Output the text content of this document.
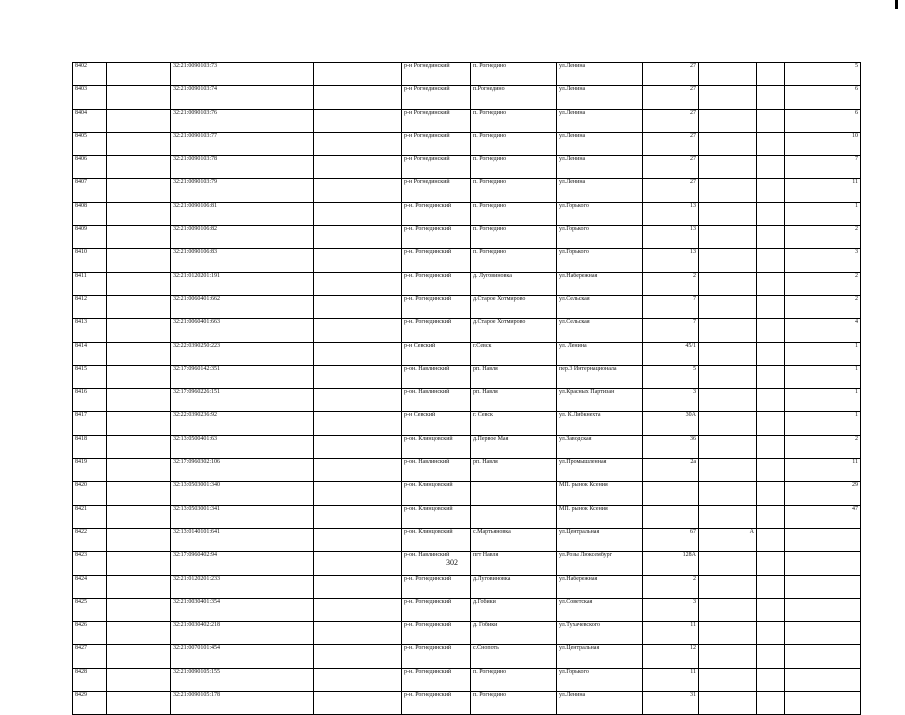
8402		32:21:0090103:73		р-н Рогнединский	п. Рогнедино	ул.Ленина	27			5
8403		32:21:0090103:74		р-н Рогнединский	п.Рогнедино	ул.Ленина	27			6
8404		32:21:0090103:76		р-н Рогнединский	п. Рогнедино	ул.Ленина	27			6
8405		32:21:0090103:77		р-н Рогнединский	п. Рогнедино	ул.Ленина	27			10
8406		32:21:0090103:78		р-н Рогнединский	п. Рогнедино	ул.Ленина	27			7
8407		32:21:0090103:79		р-н Рогнединский	п. Рогнедино	ул.Ленина	27			11
8408		32:21:0090106:81		р-н. Рогнединский	п. Рогнедино	ул.Горького	13			1
8409		32:21:0090106:82		р-н. Рогнединский	п. Рогнедино	ул.Горького	13			2
8410		32:21:0090106:83		р-н. Рогнединский	п. Рогнедино	ул.Горького	13			3
8411		32:21:0120201:191		р-н. Рогнединский	д. Луговиновка	ул.Набережная	2			2
8412		32:21:0060401:662		р-н. Рогнединский	д.Старое Хотмирово	ул.Сельская	7			2
8413		32:21:0060401:663		р-н. Рогнединский	д.Старое Хотмирово	ул.Сельская	7			4
8414		32:22:0390250:223		р-н Севский	г.Севск	ул. Ленина	45/1			1
8415		32:17:0960142:351		р-он. Навлинский	рп. Навля	пер.3 Интернационала	5			1
8416		32:17:0960226:151		р-он. Навлинский	рп. Навля	ул.Красных Партизан	3			1
8417		32:22:0390236:92		р-н Севский	г. Севск	ул. К.Либкнехта	30А			1
8418		32:13:0500401:63		р-он. Клинцовский	д.Первое Мая	ул.Заводская	36			2
8419		32:17:0960302:106		р-он. Навлинский	рп. Навля	ул.Промышленная	2а			11
8420		32:13:0503001:340		р-он. Клинцовский		МП. рынок Ксения				29
8421		32:13:0503001:341		р-он. Клинцовский		МП. рынок Ксения				47
8422		32:13:0140101:641		р-он. Клинцовский	с.Мартьяновка	ул.Центральная	67	А		
8423		32:17:0960402:94		р-он. Навлинский	пгт Навля	ул.Розы Люксембург	128А			
8424		32:21:0120201:233		р-н. Рогнединский	д.Луговиновка	ул.Набережная	2			
8425		32:21:0030401:354		р-н. Рогнединский	д.Гобики	ул.Советская	3			
8426		32:21:0030402:218		р-н. Рогнединский	д. Гобики	ул.Тухачевского	11			
8427		32:21:0070101:454		р-н. Рогнединский	с.Снопоть	ул.Центральная	12			
8428		32:21:0090105:155		р-н. Рогнединский	п. Рогнедино	ул.Горького	11			
8429		32:21:0090105:178		р-н. Рогнединский	п. Рогнедино	ул.Ленина	31			
302
